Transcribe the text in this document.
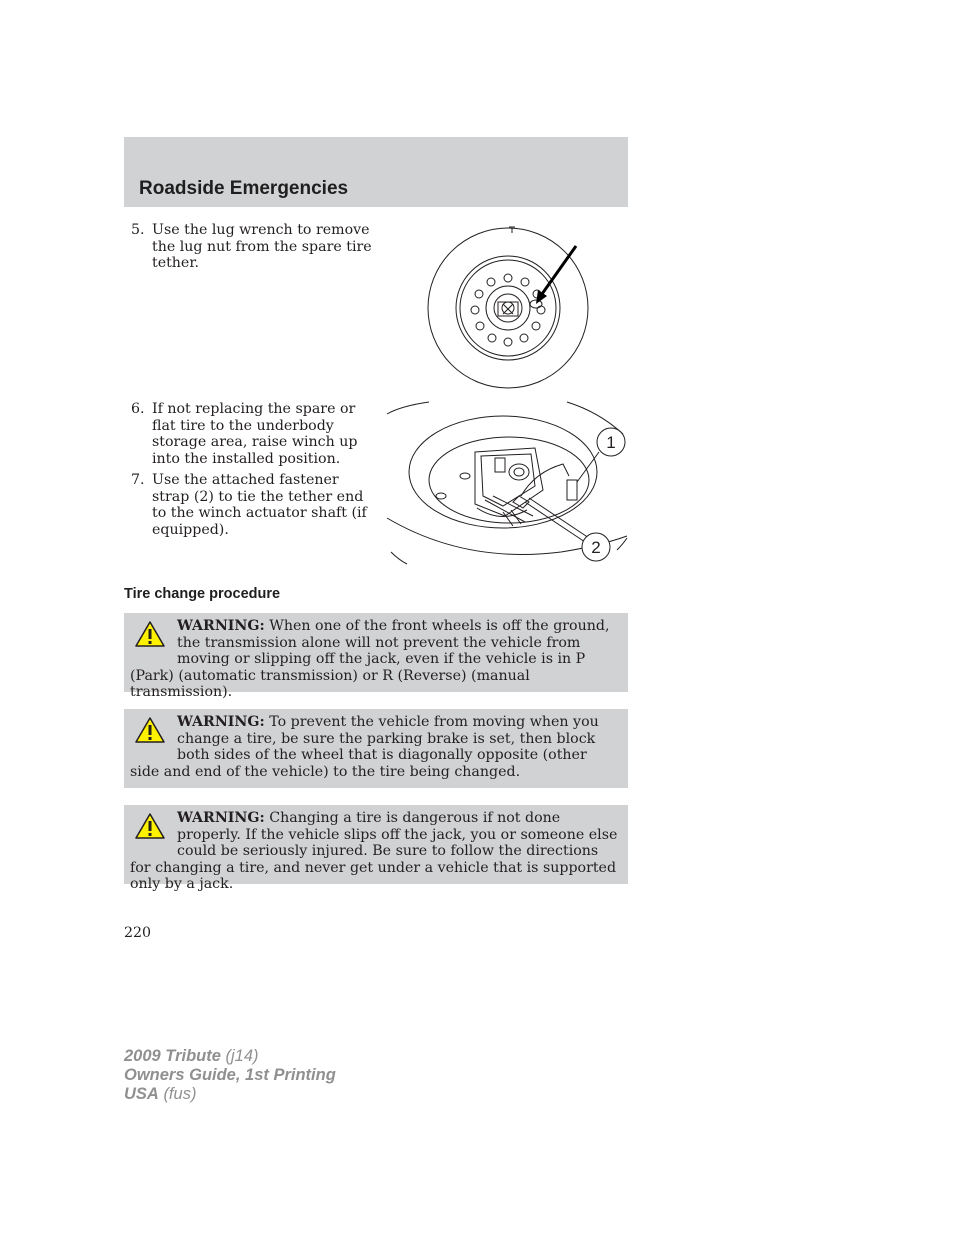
Roadside Emergencies
5. Use the lug wrench to remove the lug nut from the spare tire tether.
6. If not replacing the spare or flat tire to the underbody storage area, raise winch up into the installed position.
7. Use the attached fastener strap (2) to tie the tether end to the winch actuator shaft (if equipped).
1
2
Tire change procedure
WARNING: When one of the front wheels is off the ground, the transmission alone will not prevent the vehicle from moving or slipping off the jack, even if the vehicle is in P (Park) (automatic transmission) or R (Reverse) (manual transmission).
WARNING: To prevent the vehicle from moving when you change a tire, be sure the parking brake is set, then block both sides of the wheel that is diagonally opposite (other side and end of the vehicle) to the tire being changed.
WARNING: Changing a tire is dangerous if not done properly. If the vehicle slips off the jack, you or someone else could be seriously injured. Be sure to follow the directions for changing a tire, and never get under a vehicle that is supported only by a jack.
220
2009 Tribute (j14)
Owners Guide, 1st Printing
USA (fus)
